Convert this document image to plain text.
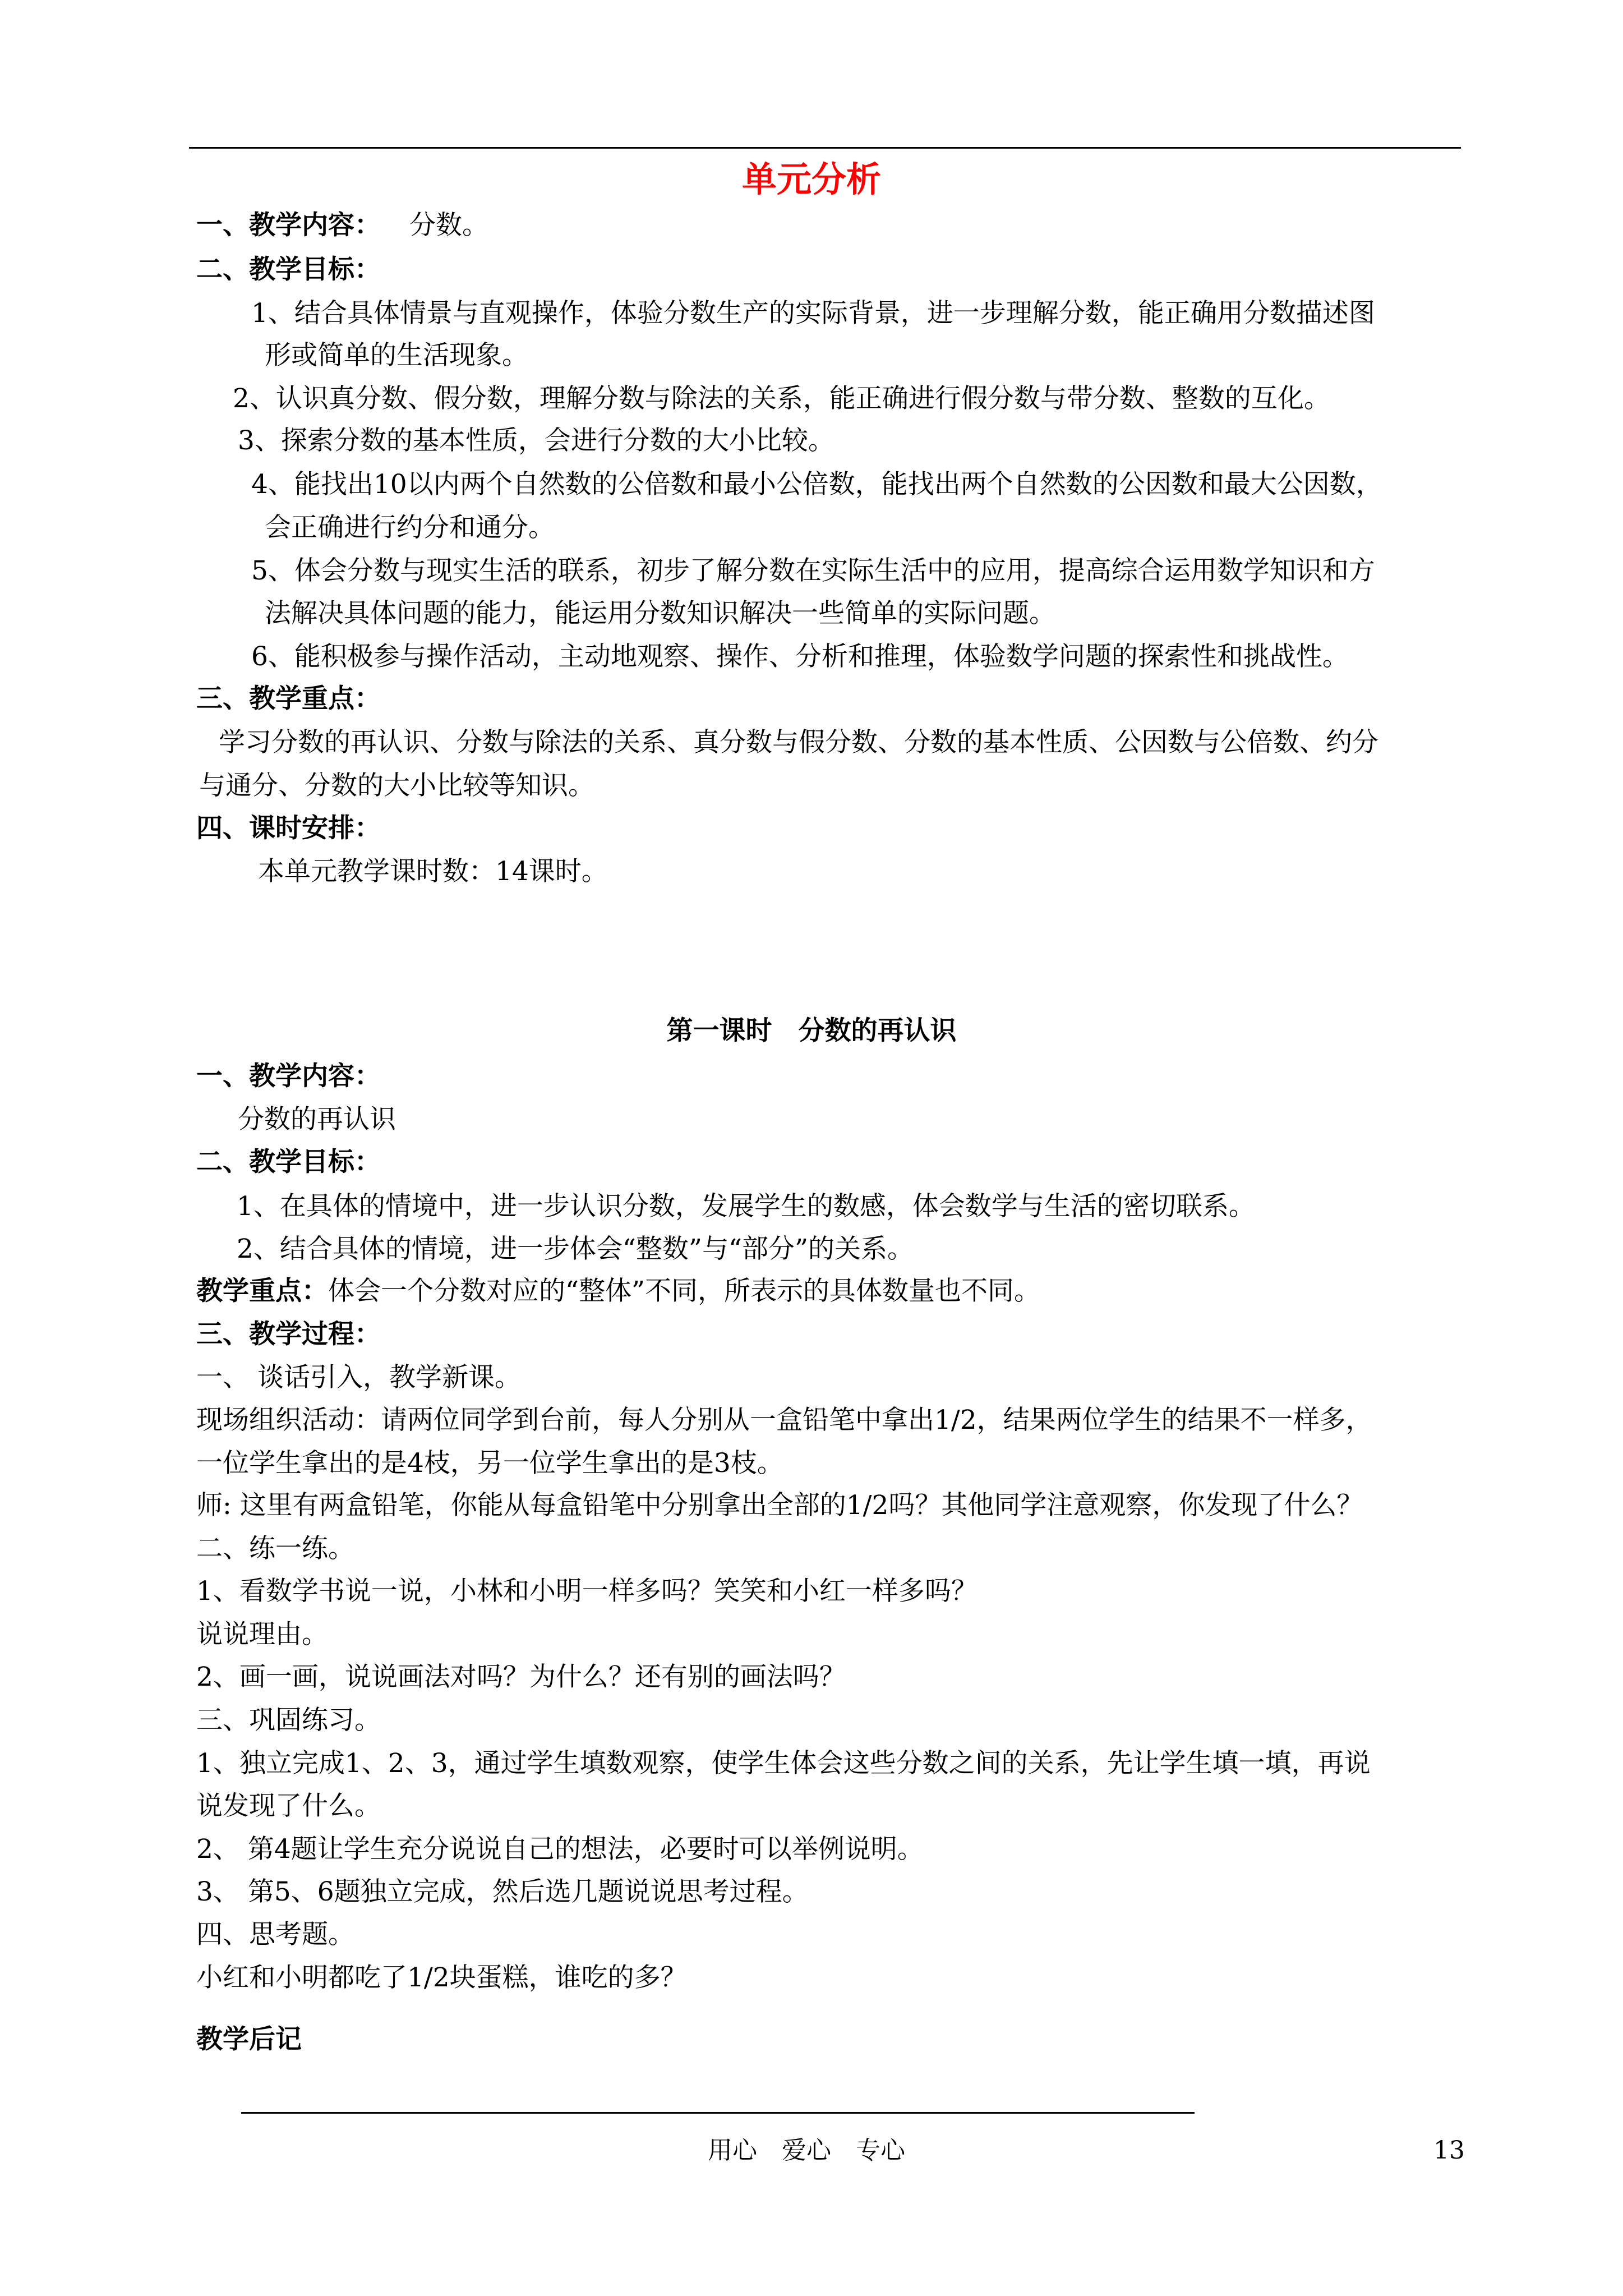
单元分析
一、教学内容： 分数。
二、教学目标：
1、结合具体情景与直观操作，体验分数生产的实际背景，进一步理解分数，能正确用分数描述图
形或简单的生活现象。
2、认识真分数、假分数，理解分数与除法的关系，能正确进行假分数与带分数、整数的互化。
3、探索分数的基本性质，会进行分数的大小比较。
4、能找出10以内两个自然数的公倍数和最小公倍数，能找出两个自然数的公因数和最大公因数，
会正确进行约分和通分。
5、体会分数与现实生活的联系，初步了解分数在实际生活中的应用，提高综合运用数学知识和方
法解决具体问题的能力，能运用分数知识解决一些简单的实际问题。
6、能积极参与操作活动，主动地观察、操作、分析和推理，体验数学问题的探索性和挑战性。
三、教学重点：
学习分数的再认识、分数与除法的关系、真分数与假分数、分数的基本性质、公因数与公倍数、约分
与通分、分数的大小比较等知识。
四、课时安排：
本单元教学课时数：14课时。
第一课时　分数的再认识
一、教学内容：
分数的再认识
二、教学目标：
1、在具体的情境中，进一步认识分数，发展学生的数感，体会数学与生活的密切联系。
2、结合具体的情境，进一步体会“整数”与“部分”的关系。
教学重点：体会一个分数对应的“整体”不同，所表示的具体数量也不同。
三、教学过程：
一、 谈话引入，教学新课。
现场组织活动：请两位同学到台前，每人分别从一盒铅笔中拿出1/2，结果两位学生的结果不一样多，
一位学生拿出的是4枝，另一位学生拿出的是3枝。
师: 这里有两盒铅笔，你能从每盒铅笔中分别拿出全部的1/2吗？其他同学注意观察，你发现了什么？
二、练一练。
1、看数学书说一说，小林和小明一样多吗？笑笑和小红一样多吗？
说说理由。
2、画一画，说说画法对吗？为什么？还有别的画法吗？
三、巩固练习。
1、独立完成1、2、3，通过学生填数观察，使学生体会这些分数之间的关系，先让学生填一填，再说
说发现了什么。
2、 第4题让学生充分说说自己的想法，必要时可以举例说明。
3、 第5、6题独立完成，然后选几题说说思考过程。
四、思考题。
小红和小明都吃了1/2块蛋糕，谁吃的多？
教学后记
用心　爱心　专心	13
